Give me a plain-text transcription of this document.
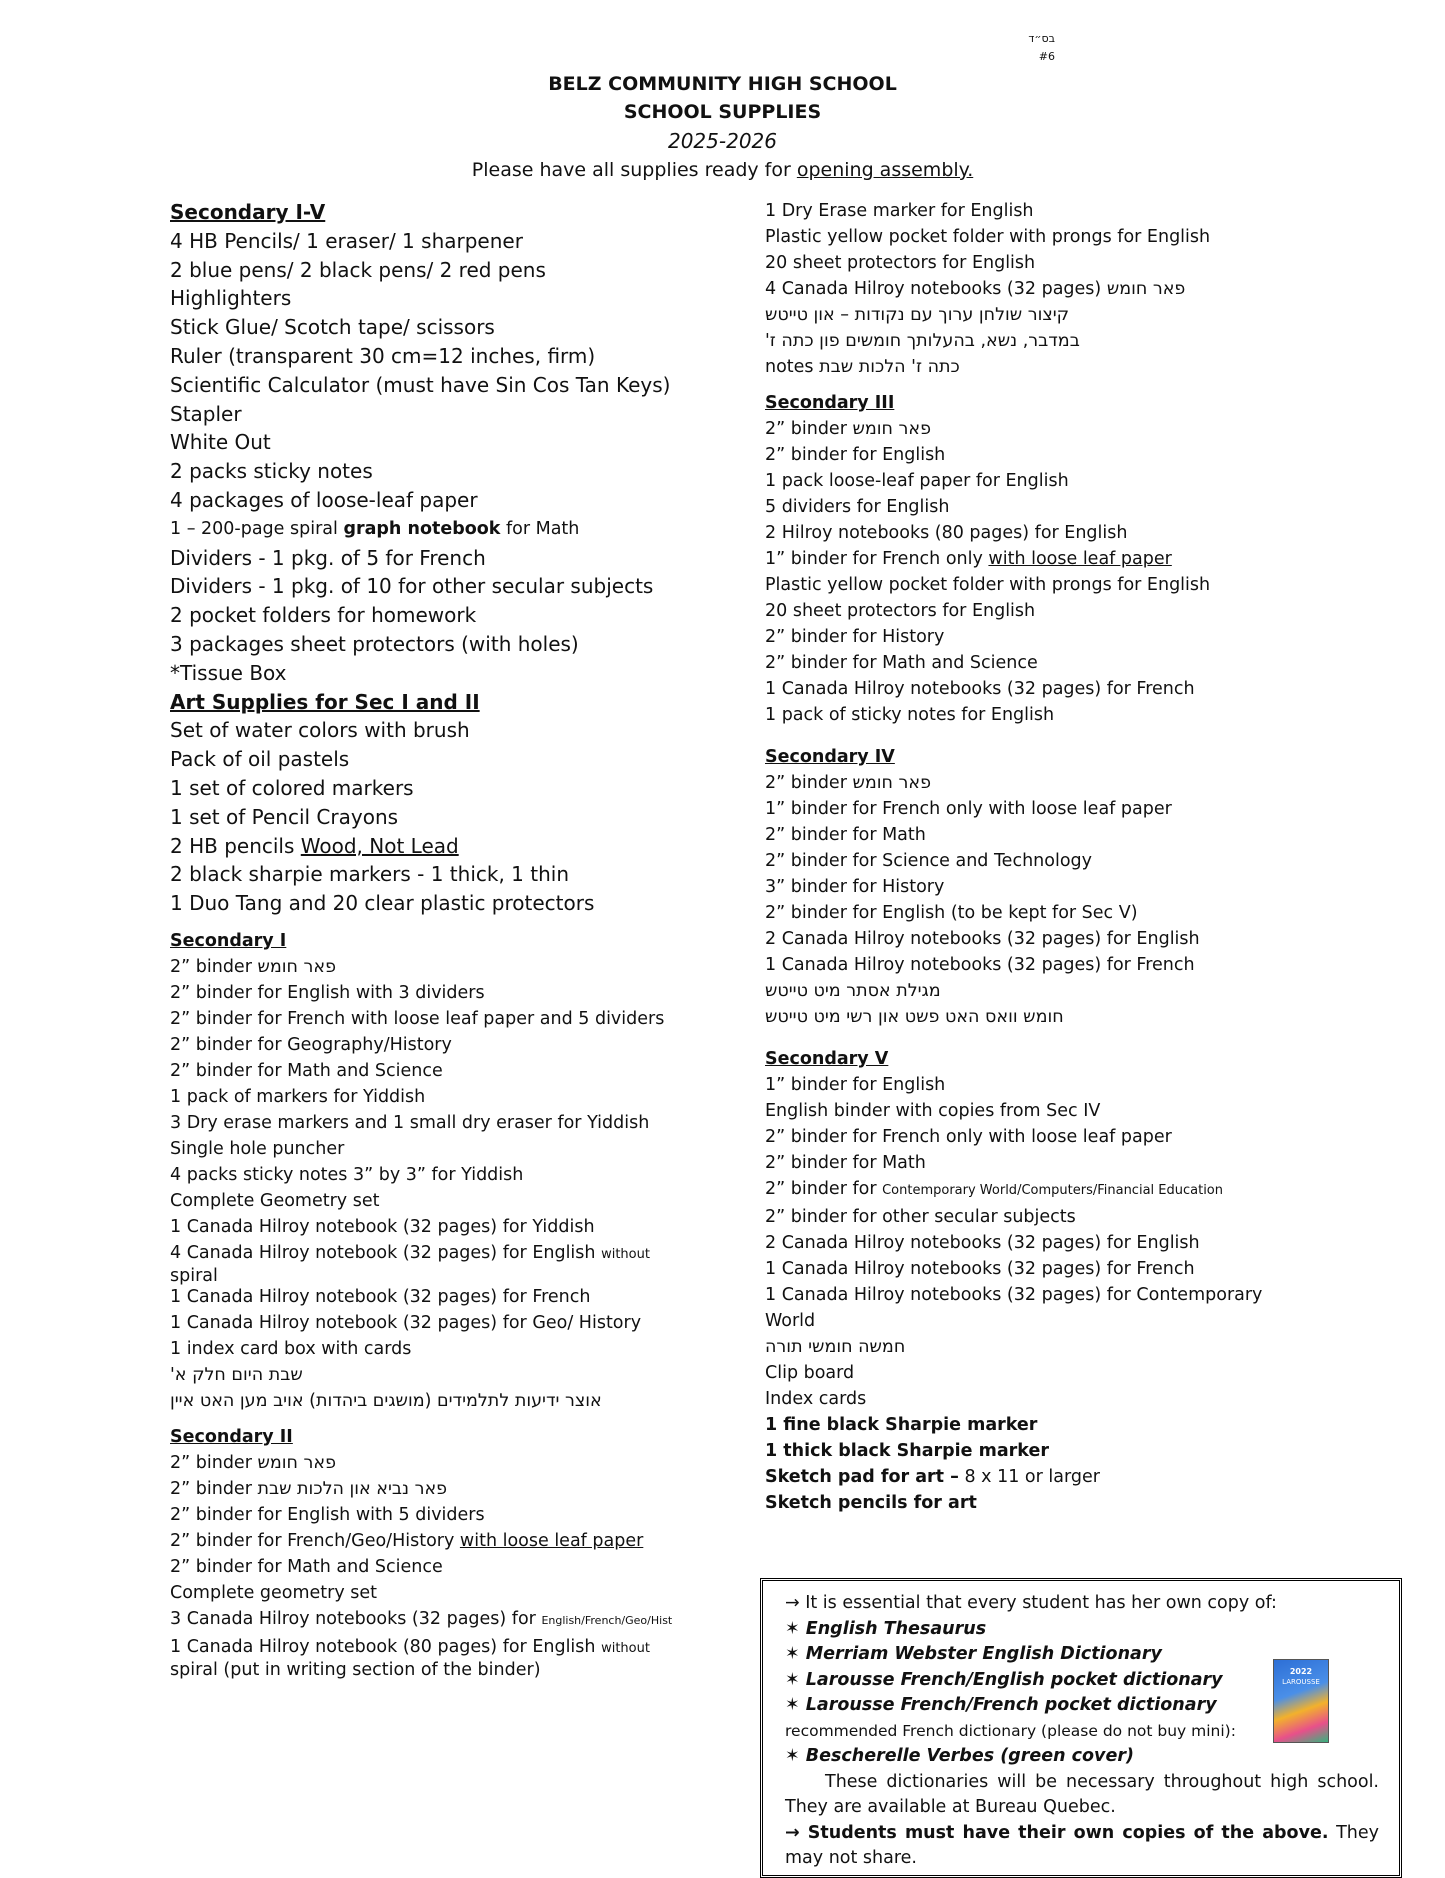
בס״ד
#6
BELZ COMMUNITY HIGH SCHOOL
SCHOOL SUPPLIES
2025-2026
Please have all supplies ready for opening assembly.
Secondary I-V
4 HB Pencils/ 1 eraser/ 1 sharpener
2 blue pens/ 2 black pens/ 2 red pens
Highlighters
Stick Glue/ Scotch tape/ scissors
Ruler (transparent 30 cm=12 inches, firm)
Scientific Calculator (must have Sin Cos Tan Keys)
Stapler
White Out
2 packs sticky notes
4 packages of loose-leaf paper
1 – 200-page spiral graph notebook for Math
Dividers - 1 pkg. of 5 for French
Dividers - 1 pkg. of 10 for other secular subjects
2 pocket folders for homework
3 packages sheet protectors (with holes)
*Tissue Box
Art Supplies for Sec I and II
Set of water colors with brush
Pack of oil pastels
1 set of colored markers
1 set of Pencil Crayons
2 HB pencils Wood, Not Lead
2 black sharpie markers - 1 thick, 1 thin
1 Duo Tang and 20 clear plastic protectors
Secondary I
2” binder פאר חומש
2” binder for English with 3 dividers
2” binder for French with loose leaf paper and 5 dividers
2” binder for Geography/History
2” binder for Math and Science
1 pack of markers for Yiddish
3 Dry erase markers and 1 small dry eraser for Yiddish
Single hole puncher
4 packs sticky notes 3” by 3” for Yiddish
Complete Geometry set
1 Canada Hilroy notebook (32 pages) for Yiddish
4 Canada Hilroy notebook (32 pages) for English without
spiral
1 Canada Hilroy notebook (32 pages) for French
1 Canada Hilroy notebook (32 pages) for Geo/ History
1 index card box with cards
שבת היום חלק א'
אוצר ידיעות לתלמידים (מושגים ביהדות) אויב מען האט איין
Secondary II
2” binder פאר חומש
2” binder פאר נביא און הלכות שבת
2” binder for English with 5 dividers
2” binder for French/Geo/History with loose leaf paper
2” binder for Math and Science
Complete geometry set
3 Canada Hilroy notebooks (32 pages) for English/French/Geo/Hist
1 Canada Hilroy notebook (80 pages) for English without
spiral (put in writing section of the binder)
1 Dry Erase marker for English
Plastic yellow pocket folder with prongs for English
20 sheet protectors for English
4 Canada Hilroy notebooks (32 pages) פאר חומש
קיצור שולחן ערוך עם נקודות – און טייטש
במדבר, נשא, בהעלותך חומשים פון כתה ז'
כתה ז' הלכות שבת notes
Secondary III
2” binder פאר חומש
2” binder for English
1 pack loose-leaf paper for English
5 dividers for English
2 Hilroy notebooks (80 pages) for English
1” binder for French only with loose leaf paper
Plastic yellow pocket folder with prongs for English
20 sheet protectors for English
2” binder for History
2” binder for Math and Science
1 Canada Hilroy notebooks (32 pages) for French
1 pack of sticky notes for English
Secondary IV
2” binder פאר חומש
1” binder for French only with loose leaf paper
2” binder for Math
2” binder for Science and Technology
3” binder for History
2” binder for English (to be kept for Sec V)
2 Canada Hilroy notebooks (32 pages) for English
1 Canada Hilroy notebooks (32 pages) for French
מגילת אסתר מיט טייטש
חומש וואס האט פשט און רשי מיט טייטש
Secondary V
1” binder for English
English binder with copies from Sec IV
2” binder for French only with loose leaf paper
2” binder for Math
2” binder for Contemporary World/Computers/Financial Education
2” binder for other secular subjects
2 Canada Hilroy notebooks (32 pages) for English
1 Canada Hilroy notebooks (32 pages) for French
1 Canada Hilroy notebooks (32 pages) for Contemporary
World
חמשה חומשי תורה
Clip board
Index cards
1 fine black Sharpie marker
1 thick black Sharpie marker
Sketch pad for art – 8 x 11 or larger
Sketch pencils for art
→ It is essential that every student has her own copy of:
✶ English Thesaurus
✶ Merriam Webster English Dictionary
✶ Larousse French/English pocket dictionary
✶ Larousse French/French pocket dictionary
recommended French dictionary (please do not buy mini):
✶ Bescherelle Verbes (green cover)
These dictionaries will be necessary throughout high school. They are available at Bureau Quebec.
→ Students must have their own copies of the above. They may not share.
2022
LAROUSSE
